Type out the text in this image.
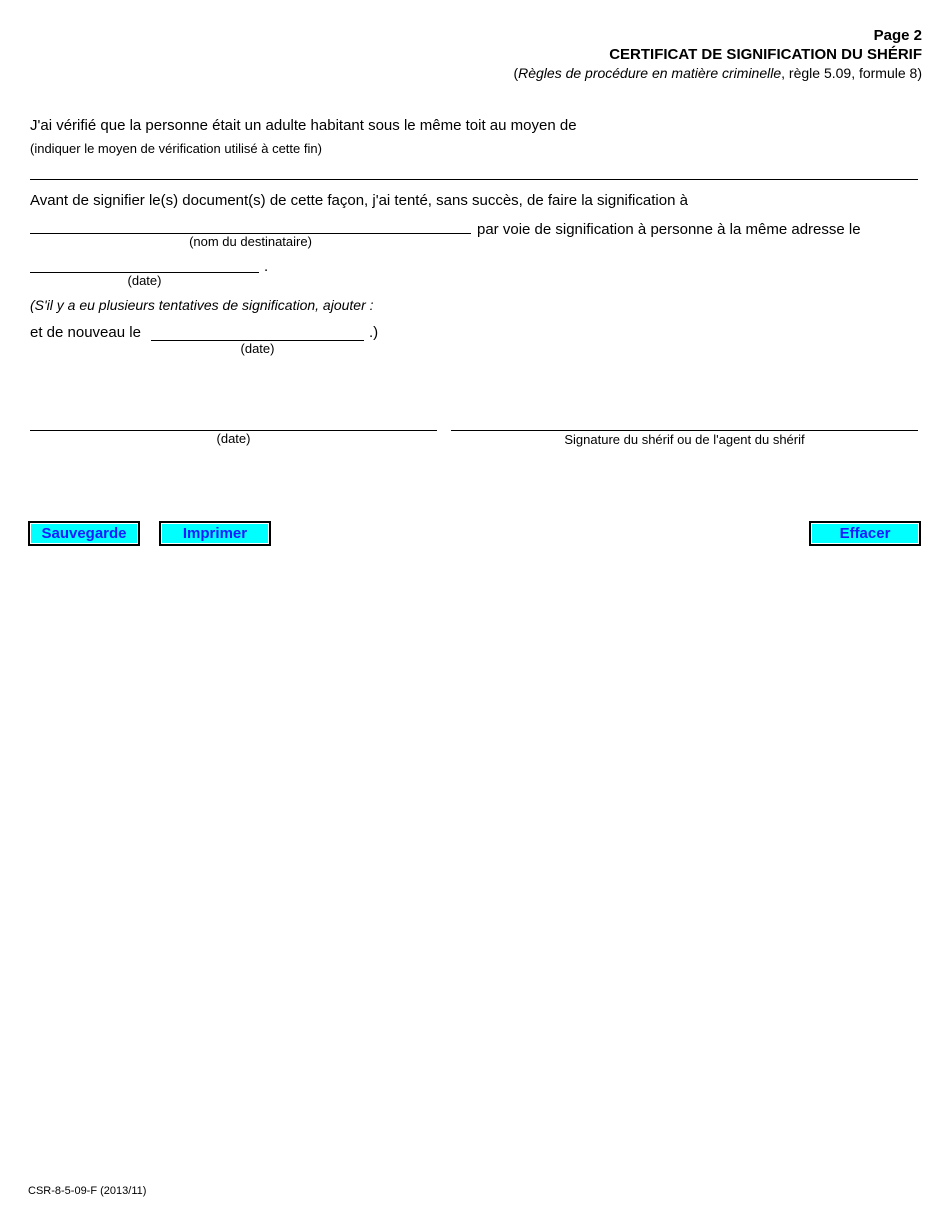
Page 2
CERTIFICAT DE SIGNIFICATION DU SHÉRIF
(Règles de procédure en matière criminelle, règle 5.09, formule 8)
J'ai vérifié que la personne était un adulte habitant sous le même toit au moyen de
(indiquer le moyen de vérification utilisé à cette fin)
Avant de signifier le(s) document(s) de cette façon, j'ai tenté, sans succès, de faire la signification à
(nom du destinataire)
par voie de signification à personne à la même adresse le
.
(date)
(S'il y a eu plusieurs tentatives de signification, ajouter :
et de nouveau le	.)
(date)
(date)	Signature du shérif ou de l'agent du shérif
Sauvegarde	Imprimer	Effacer
CSR-8-5-09-F (2013/11)
